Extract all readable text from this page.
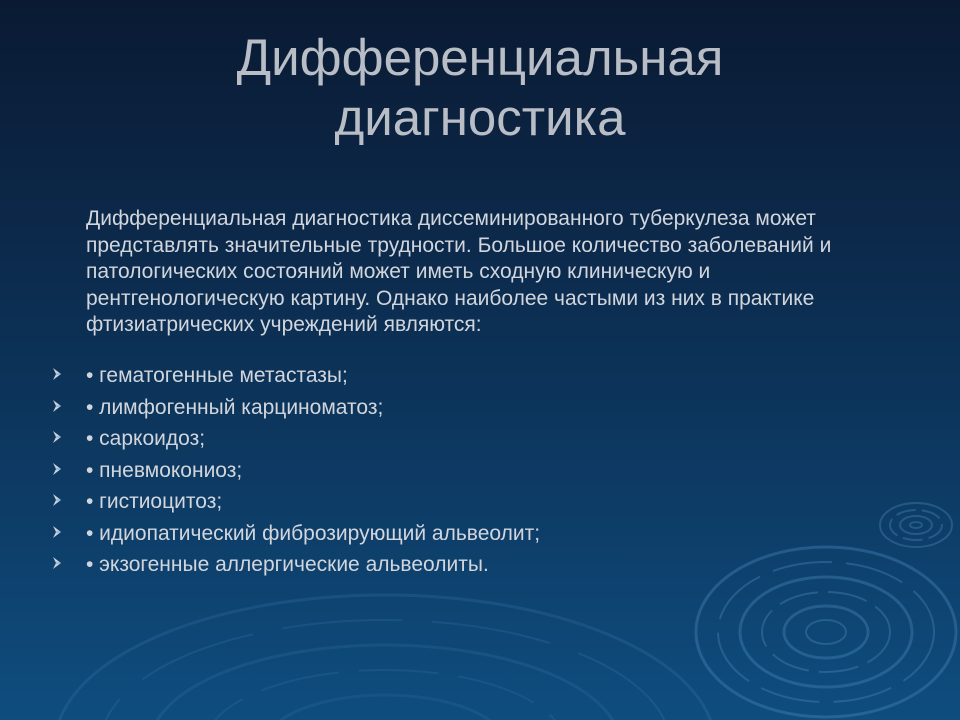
Дифференциальная диагностика
Дифференциальная диагностика диссеминированного туберкулеза может представлять значительные трудности. Большое количество заболеваний и патологических состояний может иметь сходную клиническую и рентгенологическую картину. Однако наиболее частыми из них в практике фтизиатрических учреждений являются:
• гематогенные метастазы;
• лимфогенный карциноматоз;
• саркоидоз;
• пневмокониоз;
• гистиоцитоз;
• идиопатический фиброзирующий альвеолит;
• экзогенные аллергические альвеолиты.
